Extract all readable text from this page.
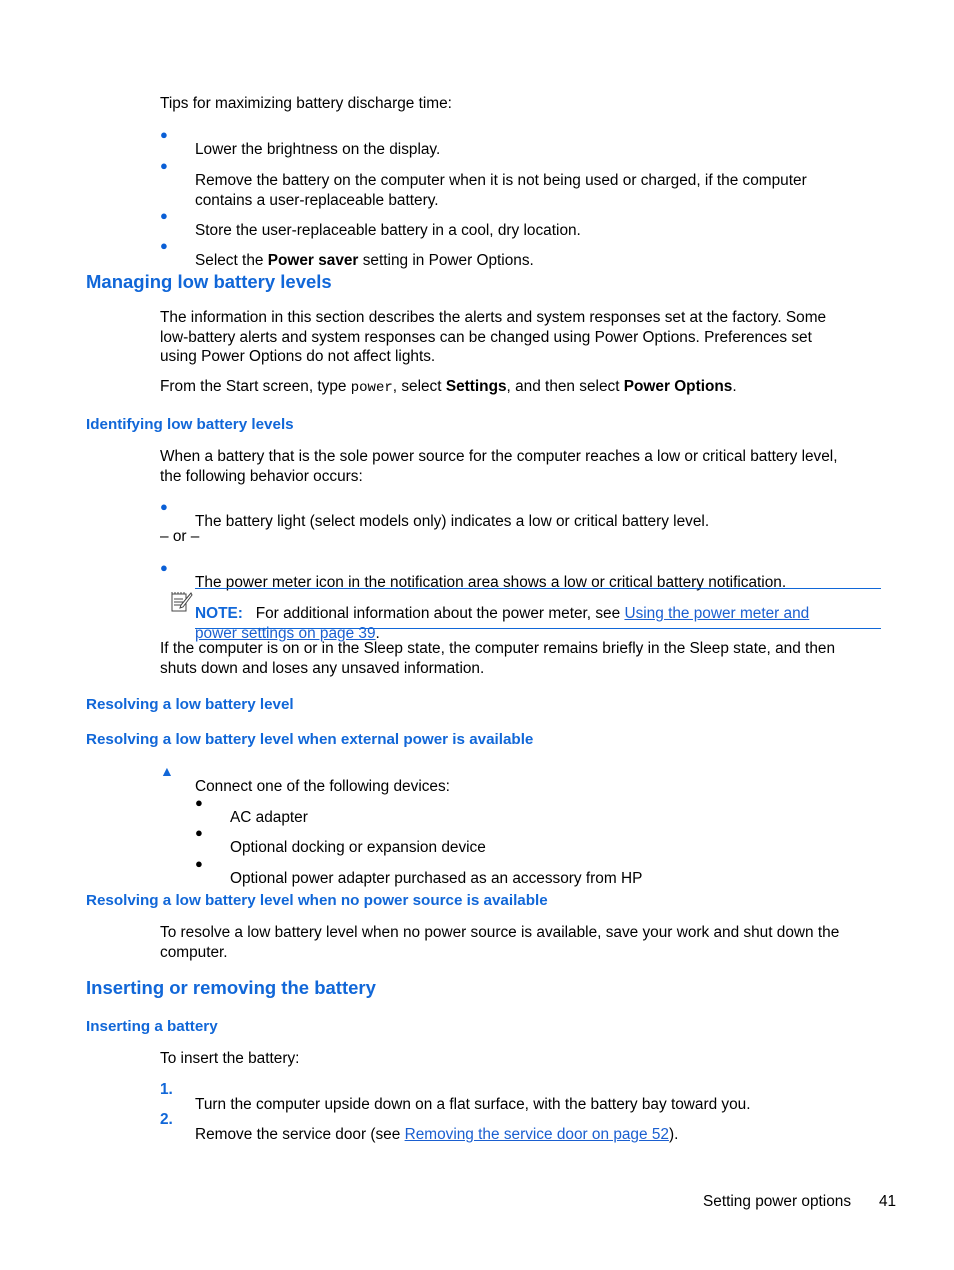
Tips for maximizing battery discharge time:

●

Lower the brightness on the display.

●

Remove the battery on the computer when it is not being used or charged, if the computer
contains a user-replaceable battery.

●

Store the user-replaceable battery in a cool, dry location.

●

Select the Power saver setting in Power Options.

Managing low battery levels

The information in this section describes the alerts and system responses set at the factory. Some
low-battery alerts and system responses can be changed using Power Options. Preferences set
using Power Options do not affect lights.

From the Start screen, type power, select Settings, and then select Power Options.

Identifying low battery levels

When a battery that is the sole power source for the computer reaches a low or critical battery level,
the following behavior occurs:

●

The battery light (select models only) indicates a low or critical battery level.

– or –

●

The power meter icon in the notification area shows a low or critical battery notification.

NOTE: For additional information about the power meter, see Using the power meter and
power settings on page 39.

If the computer is on or in the Sleep state, the computer remains briefly in the Sleep state, and then
shuts down and loses any unsaved information.

Resolving a low battery level
Resolving a low battery level when external power is available
▲

Connect one of the following devices:

●

AC adapter

●

Optional docking or expansion device

●

Optional power adapter purchased as an accessory from HP

Resolving a low battery level when no power source is available

To resolve a low battery level when no power source is available, save your work and shut down the
computer.

Inserting or removing the battery
Inserting a battery

To insert the battery:

1.

Turn the computer upside down on a flat surface, with the battery bay toward you.

2.

Remove the service door (see Removing the service door on page 52).

Setting power options 41
